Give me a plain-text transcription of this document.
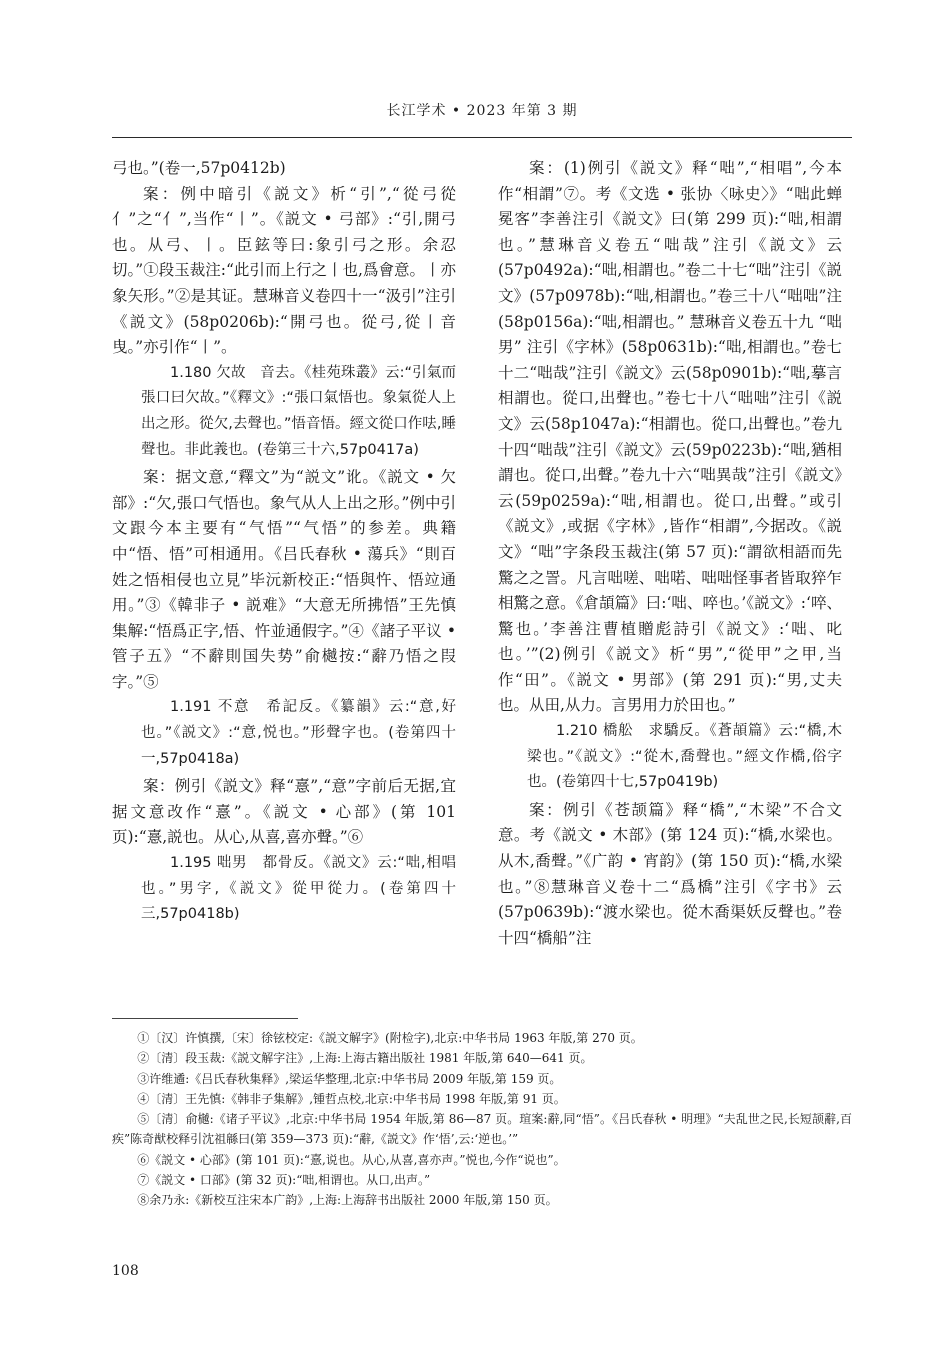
长江学术 • 2023 年第 3 期

弓也。”(卷一,57p0412b)

案：例中暗引《説文》析“引”,“從弓從亻”之“亻”,当作“丨”。《説文 • 弓部》:“引,開弓也。从弓、丨。臣鉉等曰:象引弓之形。余忍切。”①段玉裁注:“此引而上行之丨也,爲會意。丨亦象矢形。”②是其证。慧琳音义卷四十一“汲引”注引《説文》(58p0206b):“開弓也。從弓,從丨音曳。”亦引作“丨”。

1.180 欠故　音去。《桂苑珠叢》云:“引氣而張口曰欠故。”《釋文》:“張口氣悟也。象氣從人上出之形。從欠,去聲也。”悟音悟。經文從口作呿,睡聲也。非此義也。(卷第三十六,57p0417a)

案：据文意,“釋文”为“説文”讹。《説文 • 欠部》:“欠,張口气悟也。象气从人上出之形。”例中引文跟今本主要有“气悟”“气悟”的参差。典籍中“悟、悟”可相通用。《吕氏春秋 • 蕩兵》“則百姓之悟相侵也立見”毕沅新校正:“悟與忤、悟竝通用。”③《韓非子 • 説难》“大意无所拂悟”王先慎集解:“悟爲正字,悟、忤並通假字。”④《諸子平议 • 管子五》“不辭則国失势”俞樾按:“辭乃悟之叚字。”⑤

1.191 不意　希記反。《纂韻》云:“意,好也。”《説文》:“意,悦也。”形聲字也。(卷第四十一,57p0418a)

案：例引《説文》释“憙”,“意”字前后无据,宜据文意改作“憙”。《説文 • 心部》(第 101 页):“憙,説也。从心,从喜,喜亦聲。”⑥

1.195 咄男　都骨反。《説文》云:“咄,相唱也。”男字,《説文》從甲從力。(卷第四十三,57p0418b)

案：(1)例引《説文》释“咄”,“相唱”,今本作“相謂”⑦。考《文选 • 张协〈咏史〉》“咄此蝉冕客”李善注引《説文》曰(第 299 页):“咄,相謂也。”慧琳音义卷五“咄哉”注引《説文》云(57p0492a):“咄,相謂也。”卷二十七“咄”注引《説文》(57p0978b):“咄,相謂也。”卷三十八“咄咄”注(58p0156a):“咄,相謂也。” 慧琳音义卷五十九 “咄男” 注引《字林》(58p0631b):“咄,相謂也。”卷七十二“咄哉”注引《説文》云(58p0901b):“咄,摹言相謂也。從口,出聲也。”卷七十八“咄咄”注引《説文》云(58p1047a):“相謂也。從口,出聲也。”卷九十四“咄哉”注引《説文》云(59p0223b):“咄,猶相謂也。從口,出聲。”卷九十六“咄異哉”注引《説文》云(59p0259a):“咄,相謂也。從口,出聲。”或引《説文》,或据《字林》,皆作“相謂”,今据改。《説文》“咄”字条段玉裁注(第 57 页):“謂欲相語而先驚之之詈。凡言咄嗟、咄喏、咄咄怪事者皆取猝乍相驚之意。《倉頡篇》曰:‘咄、啐也。’《説文》:‘啐、驚也。’李善注曹植贈彪詩引《説文》:‘咄、叱也。’”(2)例引《説文》析“男”,“從甲”之甲,当作“田”。《説文 • 男部》(第 291 页):“男,丈夫也。从田,从力。言男用力於田也。”

1.210 橋舩　求驕反。《蒼頡篇》云:“橋,木梁也。”《説文》:“從木,喬聲也。”經文作橋,俗字也。(卷第四十七,57p0419b)

案：例引《苍颉篇》释“橋”,“木梁”不合文意。考《説文 • 木部》(第 124 页):“橋,水梁也。从木,喬聲。”《广韵 • 宵韵》(第 150 页):“橋,水梁也。”⑧慧琳音义卷十二“爲橋”注引《字书》云(57p0639b):“渡水梁也。從木喬渠妖反聲也。”卷十四“橋船”注

①〔汉〕许慎撰,〔宋〕徐铉校定:《説文解字》(附检字),北京:中华书局 1963 年版,第 270 页。

②〔清〕段玉裁:《説文解字注》,上海:上海古籍出版社 1981 年版,第 640—641 页。

③许维遹:《吕氏春秋集释》,梁运华整理,北京:中华书局 2009 年版,第 159 页。

④〔清〕王先慎:《韩非子集解》,锺哲点校,北京:中华书局 1998 年版,第 91 页。

⑤〔清〕俞樾:《诸子平议》,北京:中华书局 1954 年版,第 86—87 页。瑄案:辭,同“悟”。《吕氏春秋 • 明理》“夫乱世之民,长短颉辭,百疾”陈奇猷校释引沈祖緜曰(第 359—373 页):“辭,《説文》作‘悟’,云:‘逆也。’”

⑥《説文 • 心部》(第 101 页):“憙,说也。从心,从喜,喜亦声。”悦也,今作“说也”。

⑦《説文 • 口部》(第 32 页):“咄,相谓也。从口,出声。”

⑧余乃永:《新校互注宋本广韵》,上海:上海辞书出版社 2000 年版,第 150 页。

108
